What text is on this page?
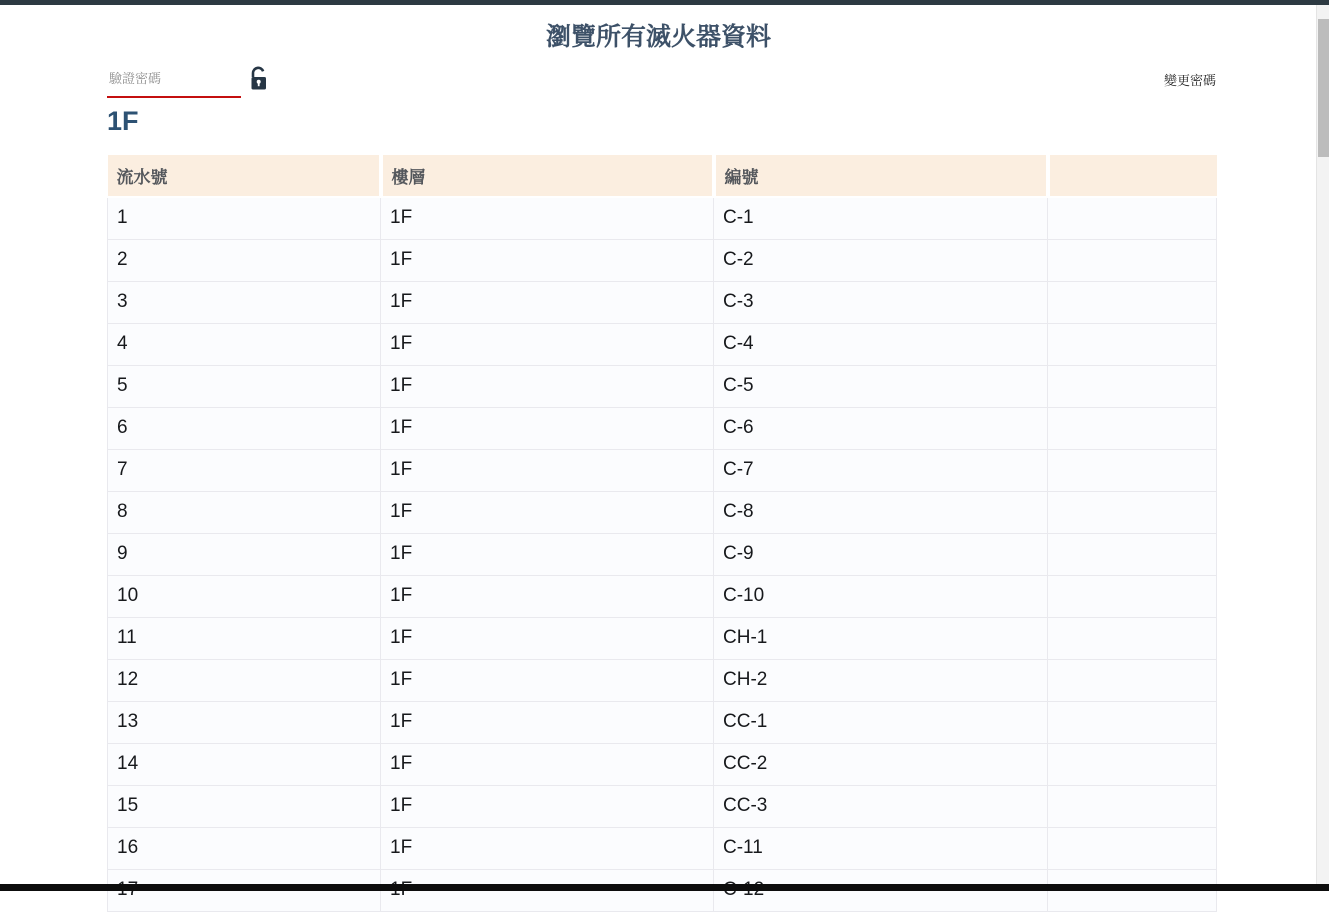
瀏覽所有滅火器資料
驗證密碼
變更密碼
1F
流水號	樓層	編號	
1	1F	C-1	
2	1F	C-2	
3	1F	C-3	
4	1F	C-4	
5	1F	C-5	
6	1F	C-6	
7	1F	C-7	
8	1F	C-8	
9	1F	C-9	
10	1F	C-10	
11	1F	CH-1	
12	1F	CH-2	
13	1F	CC-1	
14	1F	CC-2	
15	1F	CC-3	
16	1F	C-11	
